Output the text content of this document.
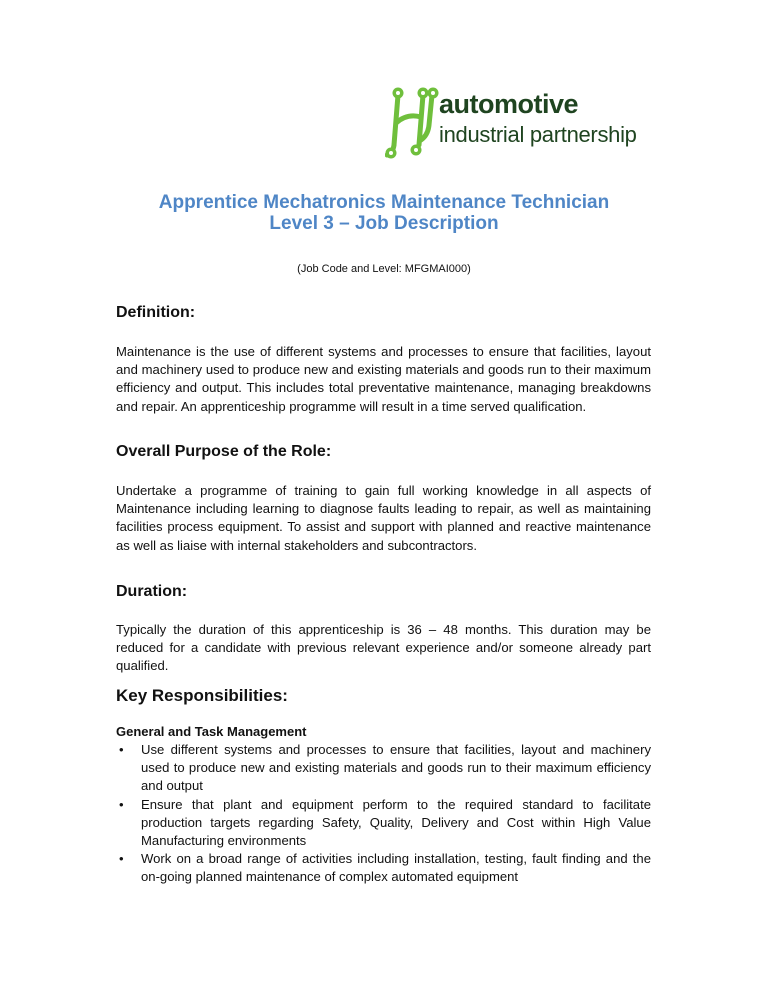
automotive
industrial partnership
Apprentice Mechatronics Maintenance Technician
Level 3 – Job Description
(Job Code and Level: MFGMAI000)
Definition:
Maintenance is the use of different systems and processes to ensure that facilities, layout and machinery used to produce new and existing materials and goods run to their maximum efficiency and output. This includes total preventative maintenance, managing breakdowns and repair. An apprenticeship programme will result in a time served qualification.
Overall Purpose of the Role:
Undertake a programme of training to gain full working knowledge in all aspects of Maintenance including learning to diagnose faults leading to repair, as well as maintaining facilities process equipment. To assist and support with planned and reactive maintenance as well as liaise with internal stakeholders and subcontractors.
Duration:
Typically the duration of this apprenticeship is 36 – 48 months. This duration may be reduced for a candidate with previous relevant experience and/or someone already part qualified.
Key Responsibilities:
General and Task Management
• Use different systems and processes to ensure that facilities, layout and machinery used to produce new and existing materials and goods run to their maximum efficiency and output
• Ensure that plant and equipment perform to the required standard to facilitate production targets regarding Safety, Quality, Delivery and Cost within High Value Manufacturing environments
• Work on a broad range of activities including installation, testing, fault finding and the on-going planned maintenance of complex automated equipment
